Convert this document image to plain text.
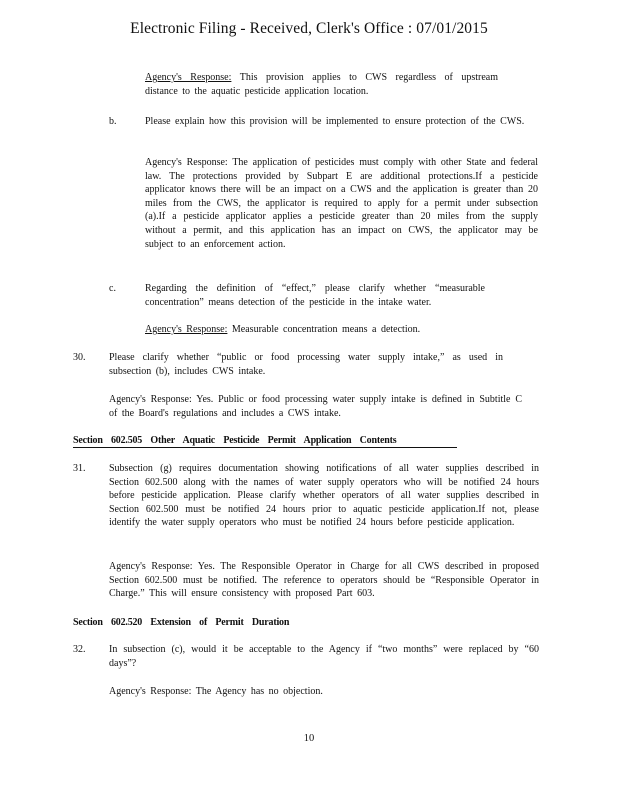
Electronic Filing - Received, Clerk's Office : 07/01/2015
Agency's Response: This provision applies to CWS regardless of upstream distance to the aquatic pesticide application location.
b.	Please explain how this provision will be implemented to ensure protection of the CWS.
Agency's Response: The application of pesticides must comply with other State and federal law. The protections provided by Subpart E are additional protections.If a pesticide applicator knows there will be an impact on a CWS and the application is greater than 20 miles from the CWS, the applicator is required to apply for a permit under subsection (a).If a pesticide applicator applies a pesticide greater than 20 miles from the supply without a permit, and this application has an impact on CWS, the applicator may be subject to an enforcement action.
c.	Regarding the definition of “effect,” please clarify whether “measurable concentration” means detection of the pesticide in the intake water.
Agency's Response: Measurable concentration means a detection.
30. Please clarify whether “public or food processing water supply intake,” as used in subsection (b), includes CWS intake.
Agency's Response: Yes. Public or food processing water supply intake is defined in Subtitle C of the Board's regulations and includes a CWS intake.
Section 602.505 Other Aquatic Pesticide Permit Application Contents
31. Subsection (g) requires documentation showing notifications of all water supplies described in Section 602.500 along with the names of water supply operators who will be notified 24 hours before pesticide application. Please clarify whether operators of all water supplies described in Section 602.500 must be notified 24 hours prior to aquatic pesticide application.If not, please identify the water supply operators who must be notified 24 hours before pesticide application.
Agency's Response: Yes. The Responsible Operator in Charge for all CWS described in proposed Section 602.500 must be notified. The reference to operators should be “Responsible Operator in Charge.” This will ensure consistency with proposed Part 603.
Section 602.520 Extension of Permit Duration
32. In subsection (c), would it be acceptable to the Agency if “two months” were replaced by “60 days”?
Agency's Response: The Agency has no objection.
10
